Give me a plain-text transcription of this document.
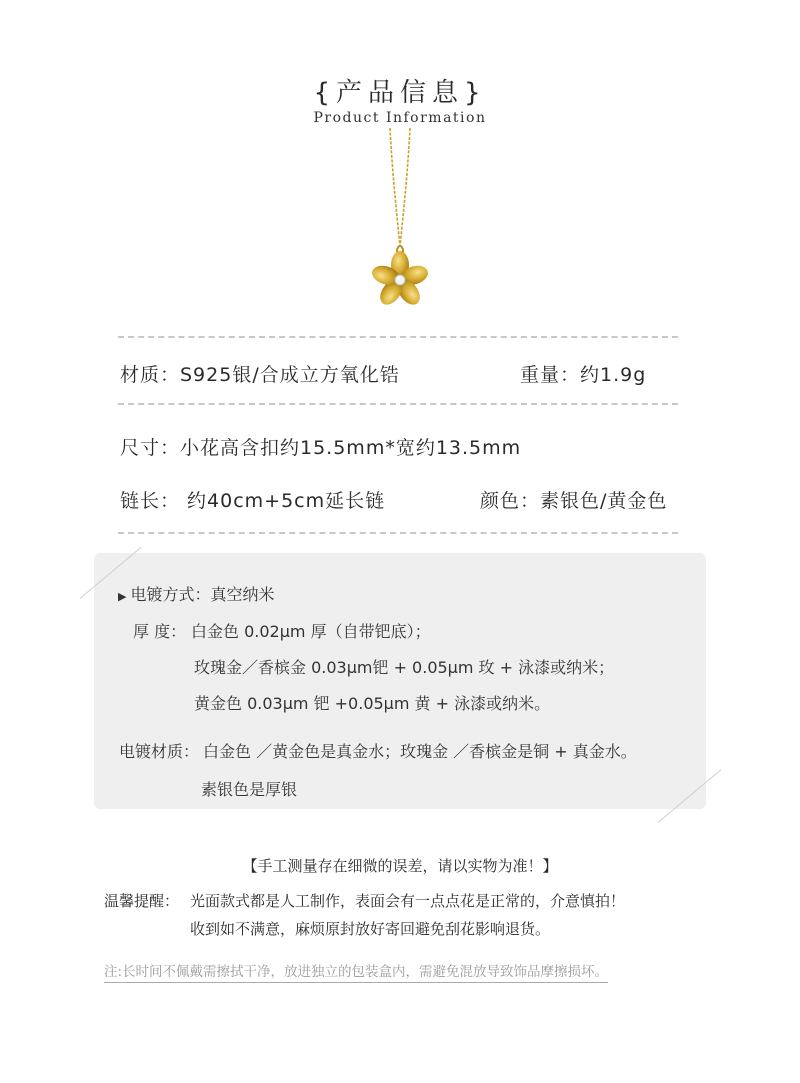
{产品信息}
Product Information
材质：S925银/合成立方氧化锆	重量：约1.9g
尺寸：小花高含扣约15.5mm*宽约13.5mm
链长： 约40cm+5cm延长链	颜色：素银色/黄金色
▶ 电镀方式：真空纳米
厚 度： 白金色 0.02μm 厚（自带钯底）；
玫瑰金／香槟金 0.03μm钯 + 0.05μm 玫 + 泳漆或纳米；
黄金色 0.03μm 钯 +0.05μm 黄 + 泳漆或纳米。
电镀材质： 白金色 ／黄金色是真金水；玫瑰金 ／香槟金是铜 + 真金水。
素银色是厚银
【手工测量存在细微的误差，请以实物为准！】
温馨提醒： 光面款式都是人工制作，表面会有一点点花是正常的，介意慎拍！
收到如不满意，麻烦原封放好寄回避免刮花影响退货。
注:长时间不佩戴需擦拭干净，放进独立的包装盒内，需避免混放导致饰品摩擦损坏。
